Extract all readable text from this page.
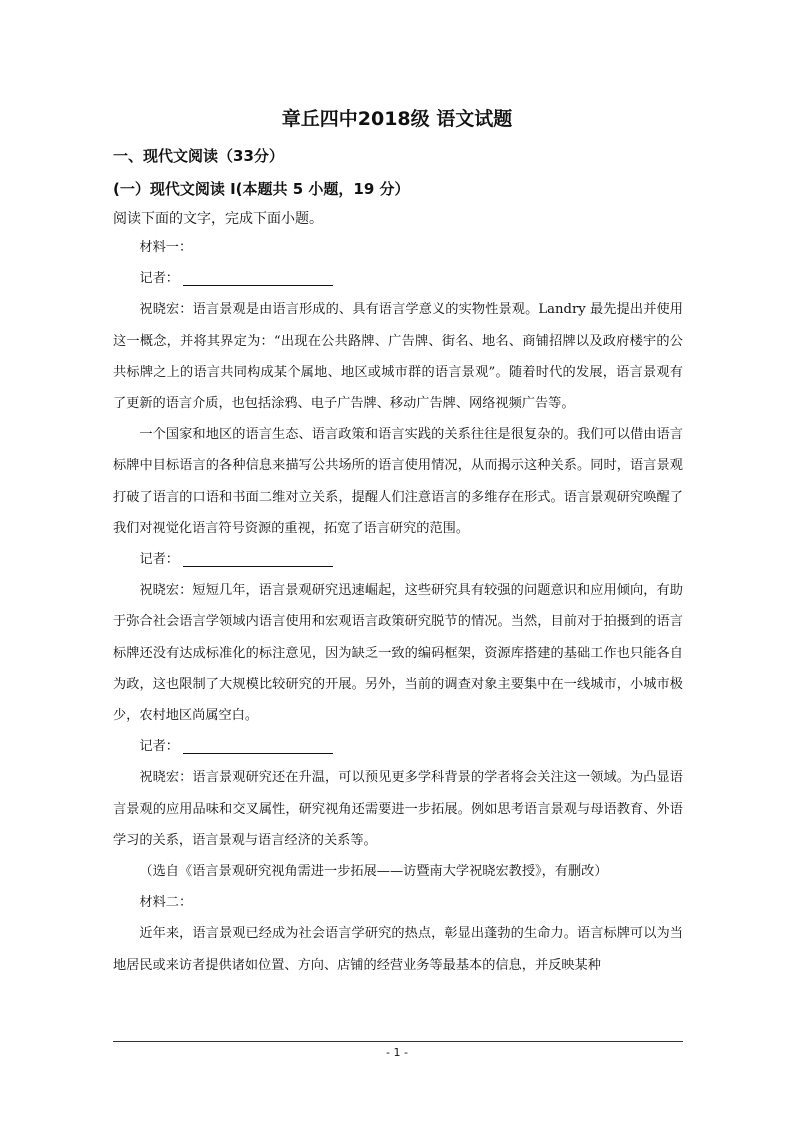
章丘四中2018级 语文试题
一、现代文阅读（33分）
(一）现代文阅读 I(本题共 5 小题，19 分）
阅读下面的文字，完成下面小题。

材料一：

记者：

祝晓宏：语言景观是由语言形成的、具有语言学意义的实物性景观。Landry 最先提出并使用这一概念，并将其界定为：“出现在公共路牌、广告牌、街名、地名、商铺招牌以及政府楼宇的公共标牌之上的语言共同构成某个属地、地区或城市群的语言景观”。随着时代的发展，语言景观有了更新的语言介质，也包括涂鸦、电子广告牌、移动广告牌、网络视频广告等。

一个国家和地区的语言生态、语言政策和语言实践的关系往往是很复杂的。我们可以借由语言标牌中目标语言的各种信息来描写公共场所的语言使用情况，从而揭示这种关系。同时，语言景观打破了语言的口语和书面二维对立关系，提醒人们注意语言的多维存在形式。语言景观研究唤醒了我们对视觉化语言符号资源的重视，拓宽了语言研究的范围。

记者：

祝晓宏：短短几年，语言景观研究迅速崛起，这些研究具有较强的问题意识和应用倾向，有助于弥合社会语言学领域内语言使用和宏观语言政策研究脱节的情况。当然，目前对于拍摄到的语言标牌还没有达成标准化的标注意见，因为缺乏一致的编码框架，资源库搭建的基础工作也只能各自为政，这也限制了大规模比较研究的开展。另外，当前的调查对象主要集中在一线城市，小城市极少，农村地区尚属空白。

记者：

祝晓宏：语言景观研究还在升温，可以预见更多学科背景的学者将会关注这一领域。为凸显语言景观的应用品味和交叉属性，研究视角还需要进一步拓展。例如思考语言景观与母语教育、外语学习的关系，语言景观与语言经济的关系等。

（选自《语言景观研究视角需进一步拓展——访暨南大学祝晓宏教授》，有删改）

材料二：

近年来，语言景观已经成为社会语言学研究的热点，彰显出蓬勃的生命力。语言标牌可以为当地居民或来访者提供诸如位置、方向、店铺的经营业务等最基本的信息，并反映某种

- 1 -
